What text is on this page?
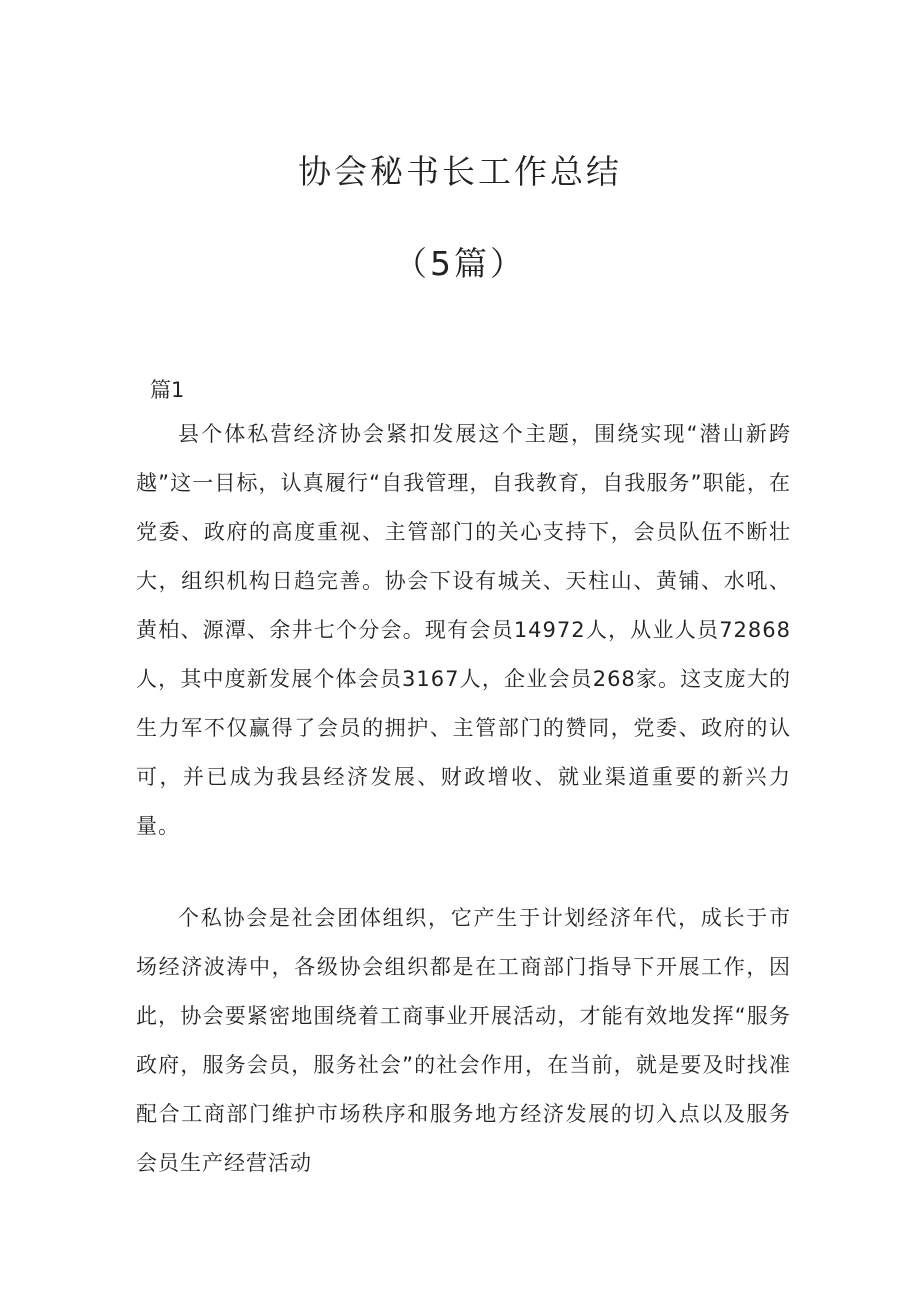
协会秘书长工作总结
（5篇）
篇1

县个体私营经济协会紧扣发展这个主题，围绕实现“潜山新跨越”这一目标，认真履行“自我管理，自我教育，自我服务”职能，在党委、政府的高度重视、主管部门的关心支持下，会员队伍不断壮大，组织机构日趋完善。协会下设有城关、天柱山、黄铺、水吼、黄柏、源潭、余井七个分会。现有会员14972人，从业人员72868人，其中度新发展个体会员3167人，企业会员268家。这支庞大的生力军不仅赢得了会员的拥护、主管部门的赞同，党委、政府的认可，并已成为我县经济发展、财政增收、就业渠道重要的新兴力量。

个私协会是社会团体组织，它产生于计划经济年代，成长于市场经济波涛中，各级协会组织都是在工商部门指导下开展工作，因此，协会要紧密地围绕着工商事业开展活动，才能有效地发挥“服务政府，服务会员，服务社会”的社会作用，在当前，就是要及时找准配合工商部门维护市场秩序和服务地方经济发展的切入点以及服务会员生产经营活动
